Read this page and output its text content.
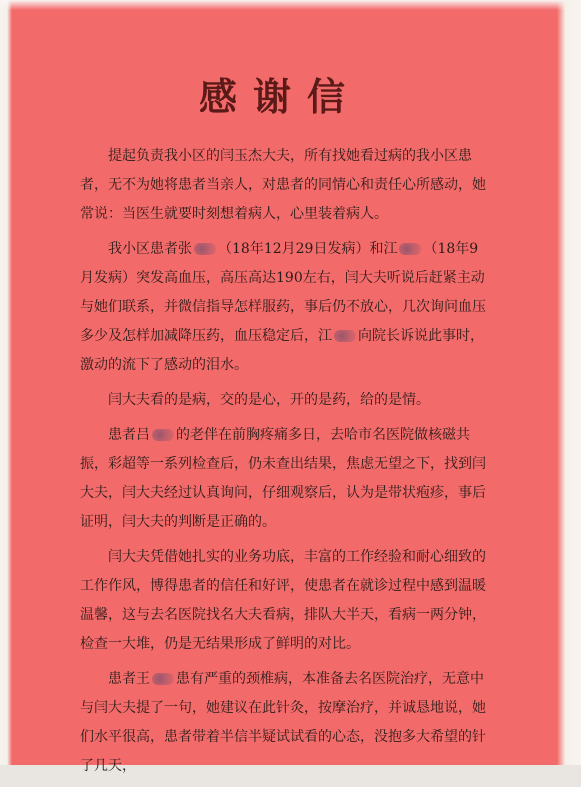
感谢信

提起负责我小区的闫玉杰大夫，所有找她看过病的我小区患者，无不为她将患者当亲人，对患者的同情心和责任心所感动，她常说：当医生就要时刻想着病人，心里装着病人。

我小区患者张 （18年12月29日发病）和江 （18年9月发病）突发高血压，高压高达190左右，闫大夫听说后赶紧主动与她们联系，并微信指导怎样服药，事后仍不放心，几次询问血压多少及怎样加减降压药，血压稳定后，江 向院长诉说此事时，激动的流下了感动的泪水。

闫大夫看的是病，交的是心，开的是药，给的是情。

患者吕 的老伴在前胸疼痛多日，去哈市名医院做核磁共振，彩超等一系列检查后，仍未查出结果，焦虑无望之下，找到闫大夫，闫大夫经过认真询问，仔细观察后，认为是带状疱疹，事后证明，闫大夫的判断是正确的。

闫大夫凭借她扎实的业务功底，丰富的工作经验和耐心细致的工作作风，博得患者的信任和好评，使患者在就诊过程中感到温暖温馨，这与去名医院找名大夫看病，排队大半天，看病一两分钟，检查一大堆，仍是无结果形成了鲜明的对比。

患者王 患有严重的颈椎病，本准备去名医院治疗，无意中与闫大夫提了一句，她建议在此针灸，按摩治疗，并诚恳地说，她们水平很高，患者带着半信半疑试试看的心态，没抱多大希望的针了几天，
